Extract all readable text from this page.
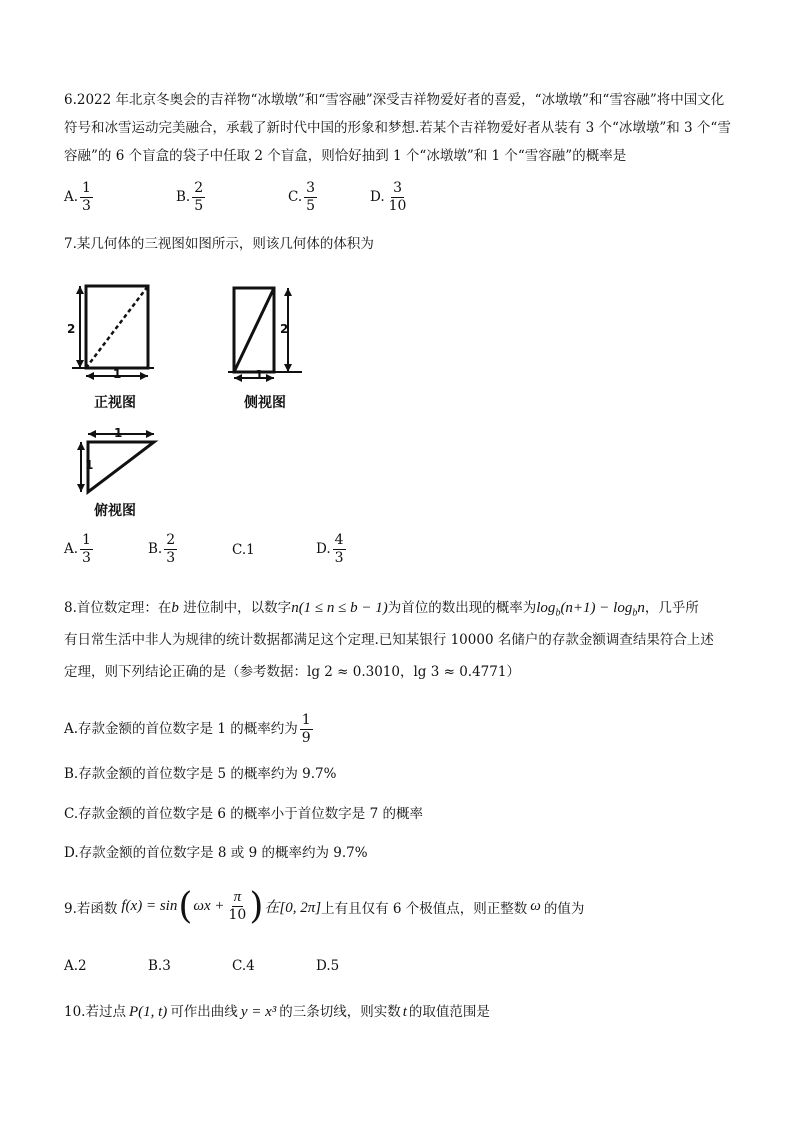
6.2022 年北京冬奥会的吉祥物“冰墩墩”和“雪容融”深受吉祥物爱好者的喜爱，“冰墩墩”和“雪容融”将中国文化
符号和冰雪运动完美融合，承载了新时代中国的形象和梦想.若某个吉祥物爱好者从装有 3 个“冰墩墩”和 3 个“雪
容融”的 6 个盲盒的袋子中任取 2 个盲盒，则恰好抽到 1 个“冰墩墩”和 1 个“雪容融”的概率是
A. $\frac{1}{3}$	B. $\frac{2}{5}$	C. $\frac{3}{5}$	D. $\frac{3}{10}$
7.某几何体的三视图如图所示，则该几何体的体积为
2
1
正视图
2
1
侧视图
1
1
俯视图
A. $\frac{1}{3}$	B. $\frac{2}{3}$	C.1	D. $\frac{4}{3}$
8.首位数定理：在b 进位制中，以数字n(1 ≤ n ≤ b − 1)为首位的数出现的概率为$\log_b(n+1) - \log_bn$，几乎所
有日常生活中非人为规律的统计数据都满足这个定理.已知某银行 10000 名储户的存款金额调查结果符合上述
定理，则下列结论正确的是（参考数据：lg 2 ≈ 0.3010，lg 3 ≈ 0.4771）
A.存款金额的首位数字是 1 的概率约为 $\frac{1}{9}$
B.存款金额的首位数字是 5 的概率约为 9.7%
C.存款金额的首位数字是 6 的概率小于首位数字是 7 的概率
D.存款金额的首位数字是 8 或 9 的概率约为 9.7%
9.若函数 f(x) = sin ( $\omega x + \frac{\pi}{10}$ ) 在[0, 2π] 上有且仅有 6 个极值点，则正整数 ω 的值为
A.2	B.3	C.4	D.5
10.若过点 P(1, t) 可作出曲线 y = x³ 的三条切线，则实数 t 的取值范围是
